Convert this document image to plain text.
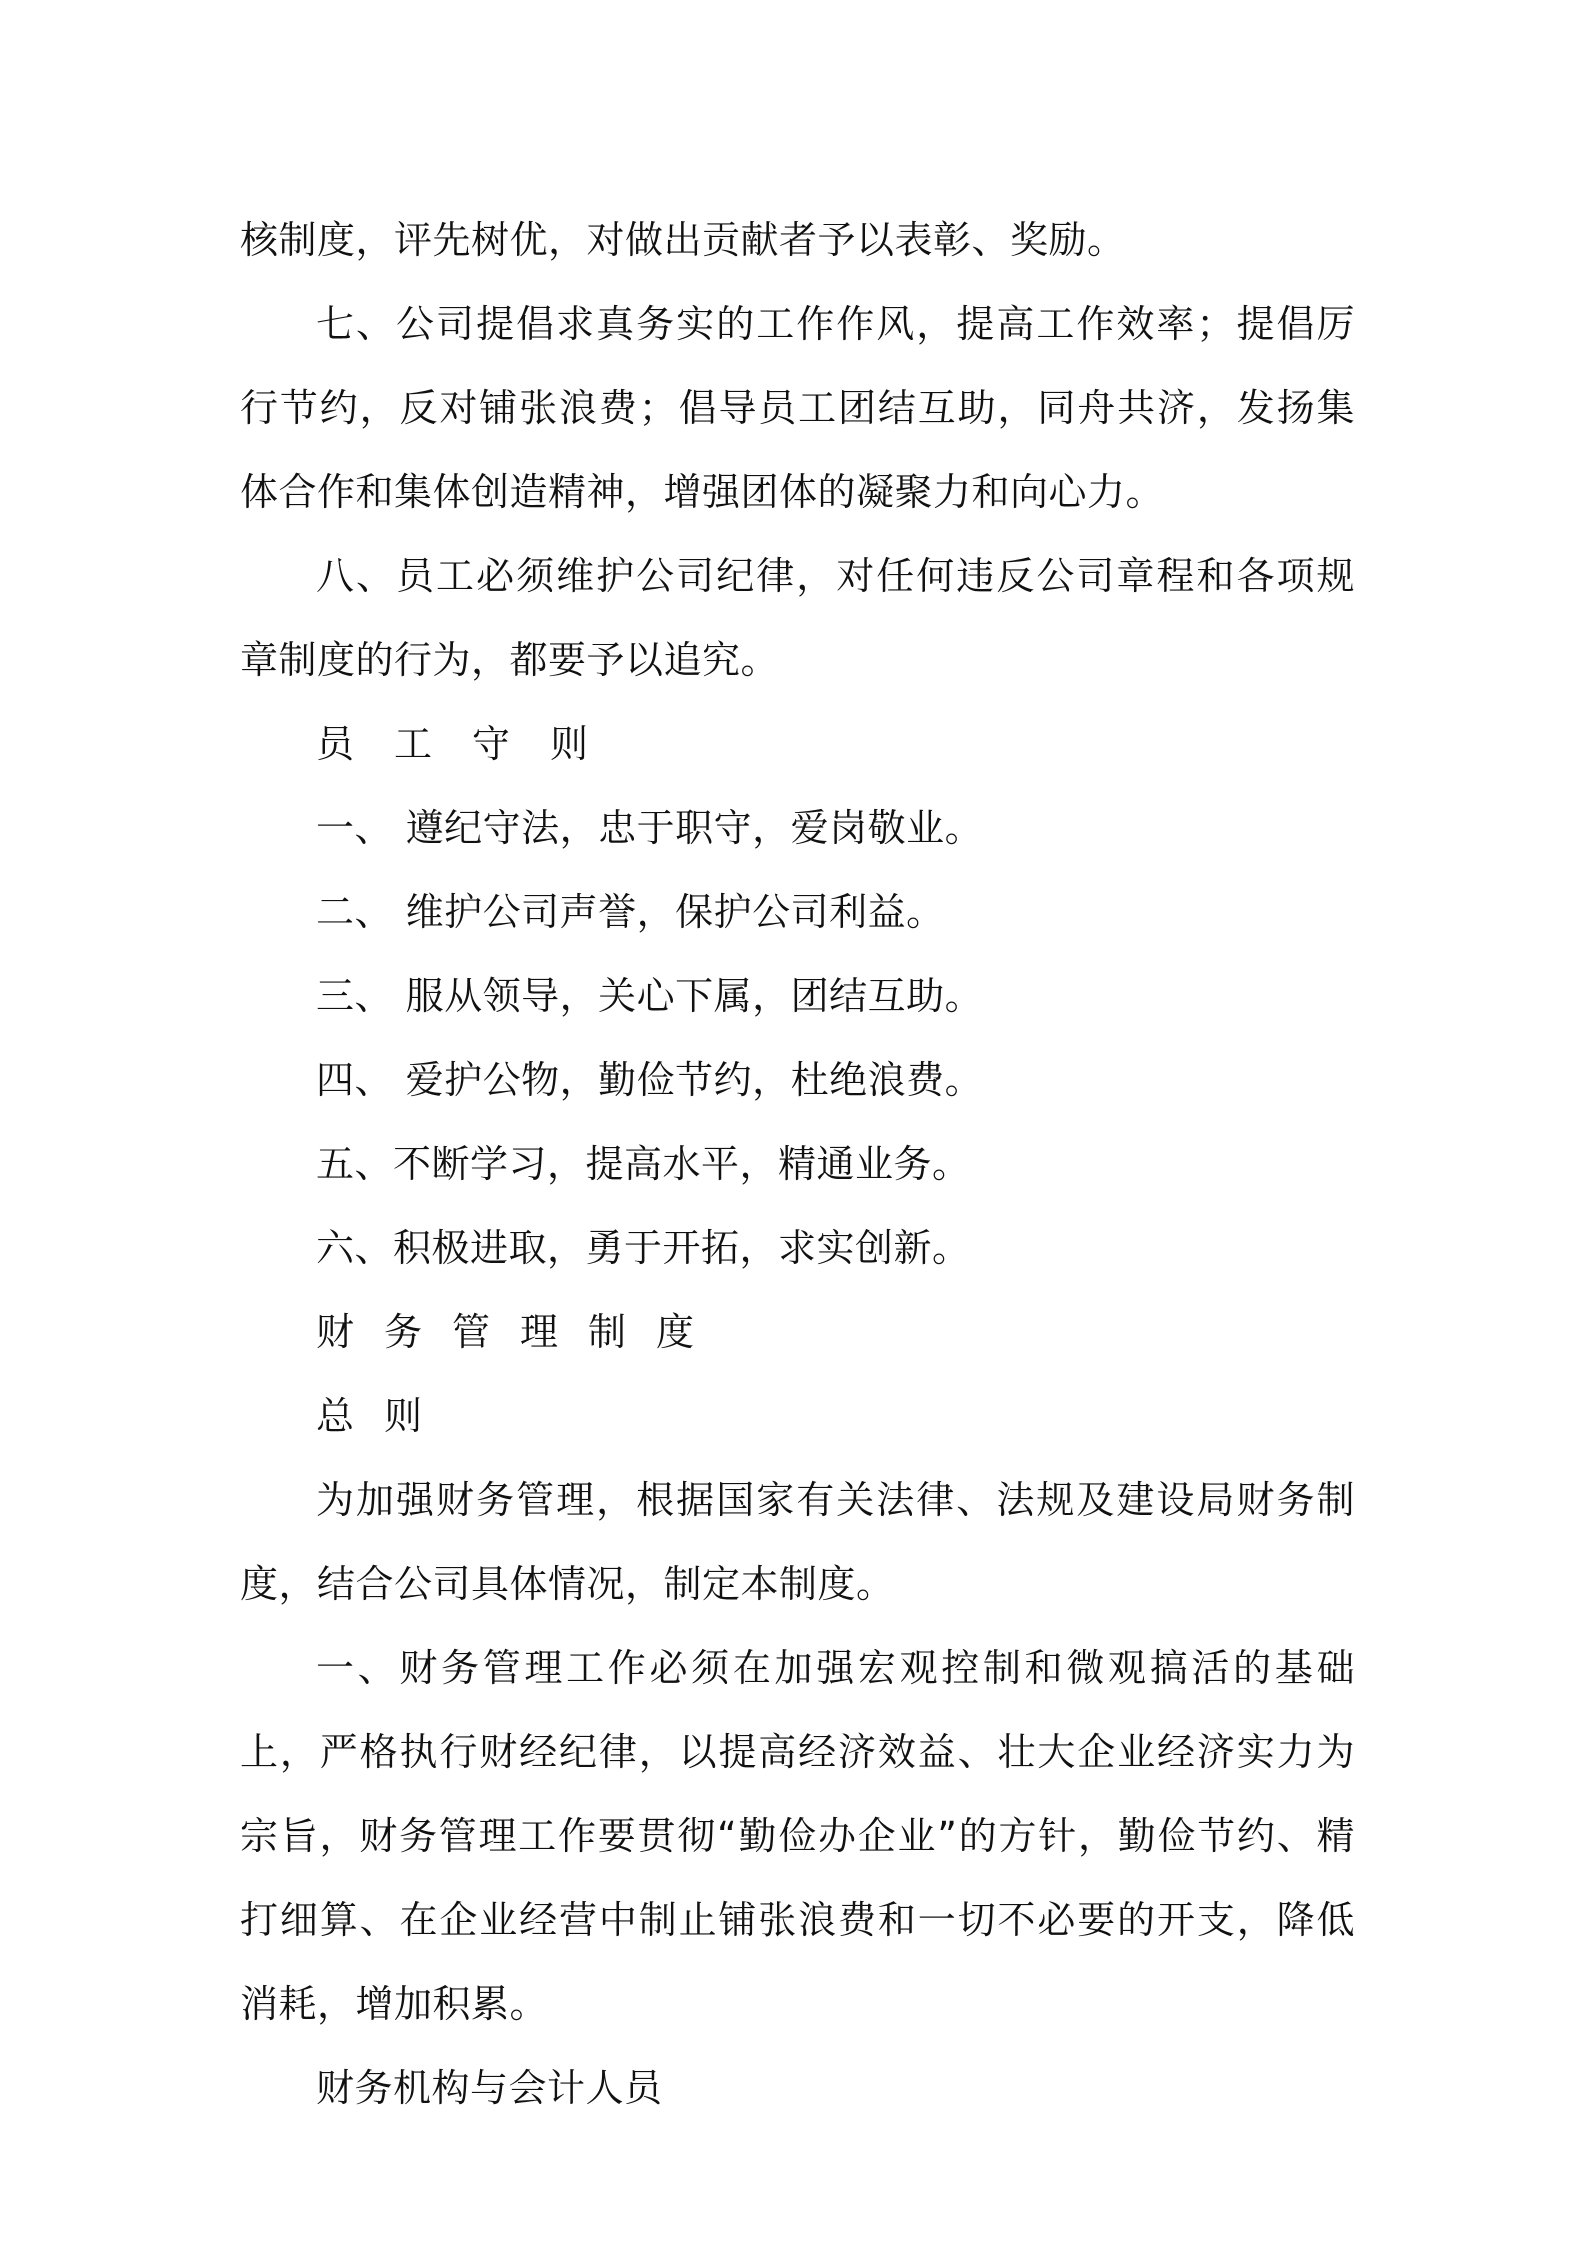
核制度，评先树优，对做出贡献者予以表彰、奖励。

七、公司提倡求真务实的工作作风，提高工作效率；提倡厉行节约，反对铺张浪费；倡导员工团结互助，同舟共济，发扬集体合作和集体创造精神，增强团体的凝聚力和向心力。

八、员工必须维护公司纪律，对任何违反公司章程和各项规章制度的行为，都要予以追究。

员工守则

一、 遵纪守法，忠于职守，爱岗敬业。

二、 维护公司声誉，保护公司利益。

三、 服从领导，关心下属，团结互助。

四、 爱护公物，勤俭节约，杜绝浪费。

五、不断学习，提高水平，精通业务。

六、积极进取，勇于开拓，求实创新。

财务管理制度

总则

为加强财务管理，根据国家有关法律、法规及建设局财务制度，结合公司具体情况，制定本制度。

一、财务管理工作必须在加强宏观控制和微观搞活的基础上，严格执行财经纪律，以提高经济效益、壮大企业经济实力为宗旨，财务管理工作要贯彻“勤俭办企业”的方针，勤俭节约、精打细算、在企业经营中制止铺张浪费和一切不必要的开支，降低消耗，增加积累。

财务机构与会计人员
